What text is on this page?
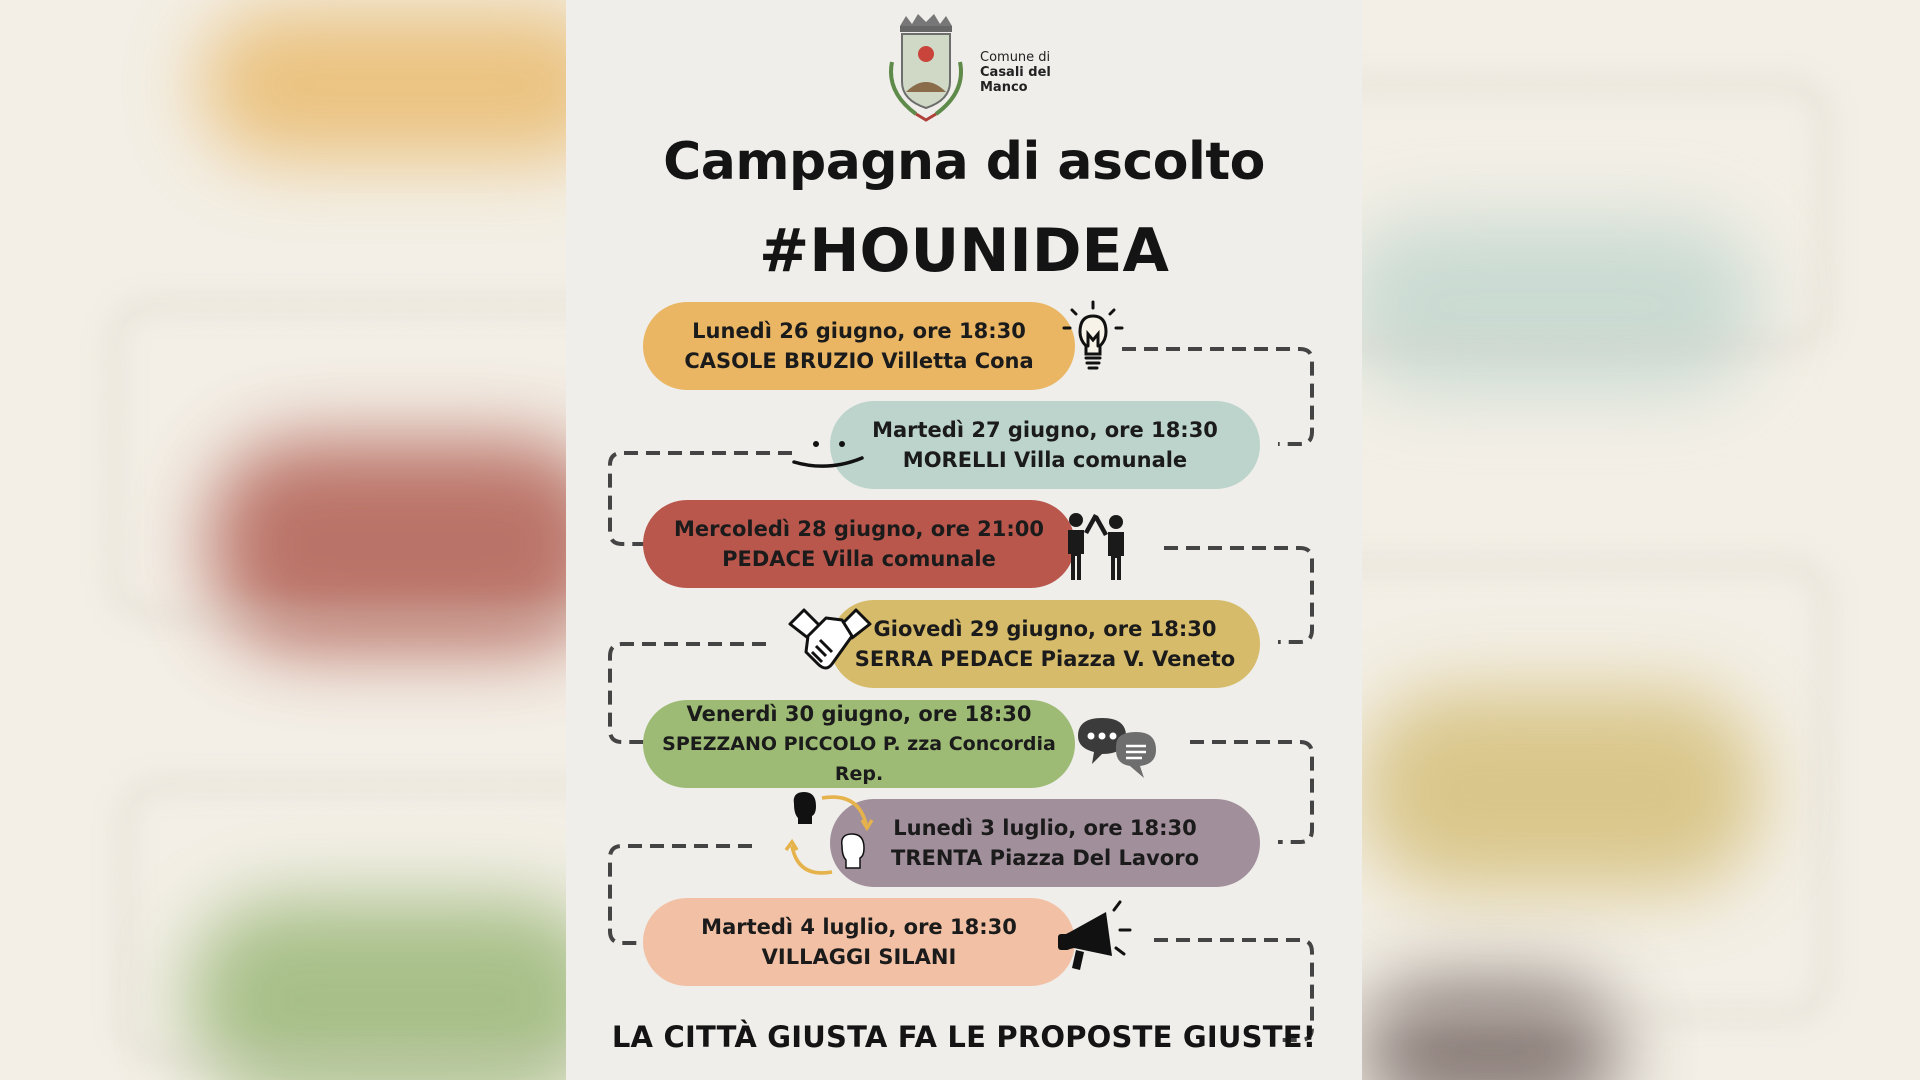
Comune di
Casali del Manco
Campagna di ascolto
#HOUNIDEA
Lunedì 26 giugno, ore 18:30
CASOLE BRUZIO Villetta Cona
Martedì 27 giugno, ore 18:30
MORELLI Villa comunale
Mercoledì 28 giugno, ore 21:00
PEDACE Villa comunale
Giovedì 29 giugno, ore 18:30
SERRA PEDACE Piazza V. Veneto
Venerdì 30 giugno, ore 18:30
SPEZZANO PICCOLO P. zza Concordia Rep.
Lunedì 3 luglio, ore 18:30
TRENTA Piazza Del Lavoro
Martedì 4 luglio, ore 18:30
VILLAGGI SILANI
LA CITTÀ GIUSTA FA LE PROPOSTE GIUSTE!
